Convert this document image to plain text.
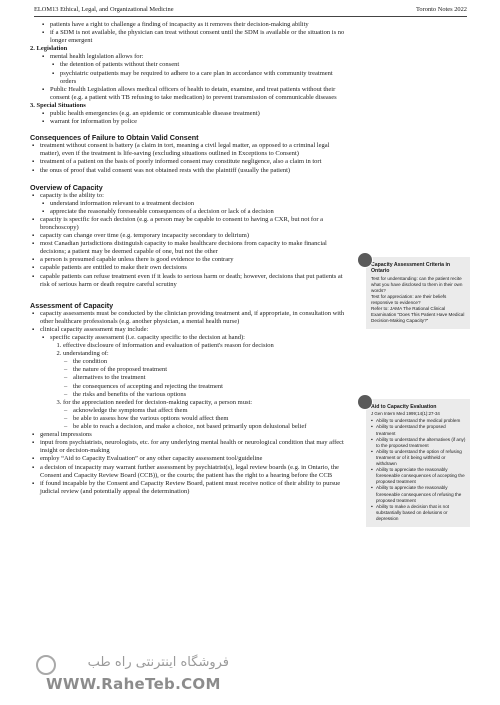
ELOM13 Ethical, Legal, and Organizational Medicine	Toronto Notes 2022
▪ patients have a right to challenge a finding of incapacity as it removes their decision-making ability
▪ if a SDM is not available, the physician can treat without consent until the SDM is available or the situation is no longer emergent

2. Legislation

▪ mental health legislation allows for:
▪ the detention of patients without their consent
▪ psychiatric outpatients may be required to adhere to a care plan in accordance with community treatment orders
▪ Public Health Legislation allows medical officers of health to detain, examine, and treat patients without their consent (e.g. a patient with TB refusing to take medication) to prevent transmission of communicable diseases

3. Special Situations

▪ public health emergencies (e.g. an epidemic or communicable disease treatment)
▪ warrant for information by police

Consequences of Failure to Obtain Valid Consent

▪ treatment without consent is battery (a claim in tort, meaning a civil legal matter, as opposed to a criminal legal matter), even if the treatment is life-saving (excluding situations outlined in Exceptions to Consent)
▪ treatment of a patient on the basis of poorly informed consent may constitute negligence, also a claim in tort
▪ the onus of proof that valid consent was not obtained rests with the plaintiff (usually the patient)

Overview of Capacity

▪ capacity is the ability to:
▪ understand information relevant to a treatment decision
▪ appreciate the reasonably foreseeable consequences of a decision or lack of a decision
▪ capacity is specific for each decision (e.g. a person may be capable to consent to having a CXR, but not for a bronchoscopy)
▪ capacity can change over time (e.g. temporary incapacity secondary to delirium)
▪ most Canadian jurisdictions distinguish capacity to make healthcare decisions from capacity to make financial decisions; a patient may be deemed capable of one, but not the other
▪ a person is presumed capable unless there is good evidence to the contrary
▪ capable patients are entitled to make their own decisions
▪ capable patients can refuse treatment even if it leads to serious harm or death; however, decisions that put patients at risk of serious harm or death require careful scrutiny

Assessment of Capacity

▪ capacity assessments must be conducted by the clinician providing treatment and, if appropriate, in consultation with other healthcare professionals (e.g. another physician, a mental health nurse)
▪ clinical capacity assessment may include:
▪ specific capacity assessment (i.e. capacity specific to the decision at hand):
1. effective disclosure of information and evaluation of patient's reason for decision
2. understanding of:
– the condition
– the nature of the proposed treatment
– alternatives to the treatment
– the consequences of accepting and rejecting the treatment
– the risks and benefits of the various options
3. for the appreciation needed for decision-making capacity, a person must:
– acknowledge the symptoms that affect them
– be able to assess how the various options would affect them
– be able to reach a decision, and make a choice, not based primarily upon delusional belief
▪ general impressions
▪ input from psychiatrists, neurologists, etc. for any underlying mental health or neurological condition that may affect insight or decision-making
▪ employ “Aid to Capacity Evaluation” or any other capacity assessment tool/guideline
▪ a decision of incapacity may warrant further assessment by psychiatrist(s), legal review boards (e.g. in Ontario, the Consent and Capacity Review Board (CCB)), or the courts; the patient has the right to a hearing before the CCB
▪ if found incapable by the Consent and Capacity Review Board, patient must receive notice of their ability to pursue judicial review (and potentially appeal the determination)
Capacity Assessment Criteria in Ontario

Test for understanding: can the patient recite what you have disclosed to them in their own words?

Test for appreciation: are their beliefs responsive to evidence?

Refer to: JAMA The Rational Clinical Examination “Does This Patient Have Medical Decision-Making Capacity?”

Aid to Capacity Evaluation
J Gen Intern Med 1999;14(1):27-34
▪ Ability to understand the medical problem
▪ Ability to understand the proposed treatment
▪ Ability to understand the alternatives (if any) to the proposed treatment
▪ Ability to understand the option of refusing treatment or of it being withheld or withdrawn
▪ Ability to appreciate the reasonably foreseeable consequences of accepting the proposed treatment
▪ Ability to appreciate the reasonably foreseeable consequences of refusing the proposed treatment
▪ Ability to make a decision that is not substantially based on delusions or depression
فروشگاه اینترنتی راه طب
WWW.RaheTeb.COM
